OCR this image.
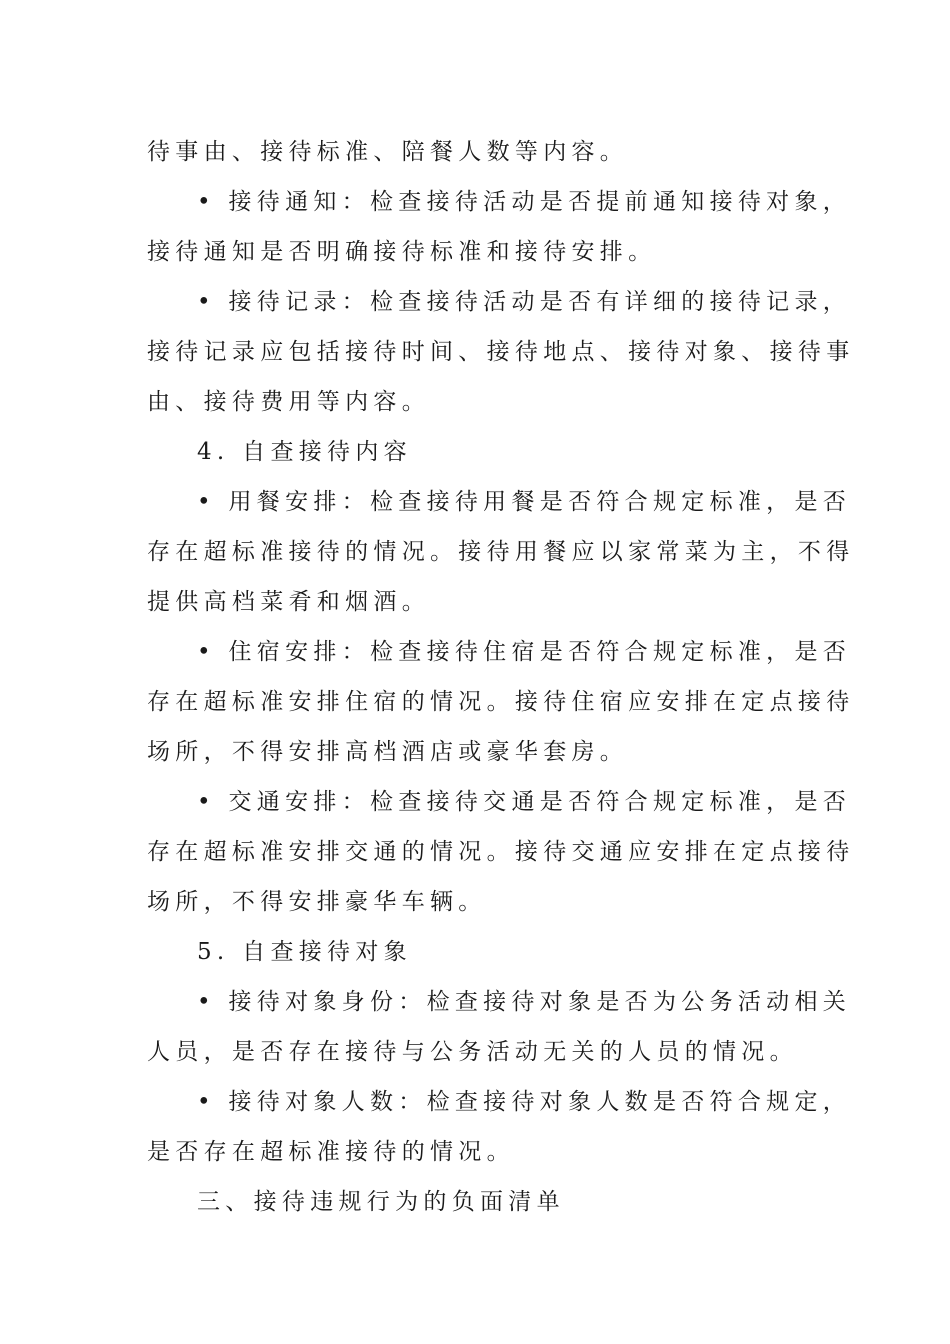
待事由、接待标准、陪餐人数等内容。
• 接待通知：检查接待活动是否提前通知接待对象，
接待通知是否明确接待标准和接待安排。
• 接待记录：检查接待活动是否有详细的接待记录，
接待记录应包括接待时间、接待地点、接待对象、接待事
由、接待费用等内容。
4. 自查接待内容
• 用餐安排：检查接待用餐是否符合规定标准，是否
存在超标准接待的情况。接待用餐应以家常菜为主，不得
提供高档菜肴和烟酒。
• 住宿安排：检查接待住宿是否符合规定标准，是否
存在超标准安排住宿的情况。接待住宿应安排在定点接待
场所，不得安排高档酒店或豪华套房。
• 交通安排：检查接待交通是否符合规定标准，是否
存在超标准安排交通的情况。接待交通应安排在定点接待
场所，不得安排豪华车辆。
5. 自查接待对象
• 接待对象身份：检查接待对象是否为公务活动相关
人员，是否存在接待与公务活动无关的人员的情况。
• 接待对象人数：检查接待对象人数是否符合规定，
是否存在超标准接待的情况。
三、接待违规行为的负面清单
